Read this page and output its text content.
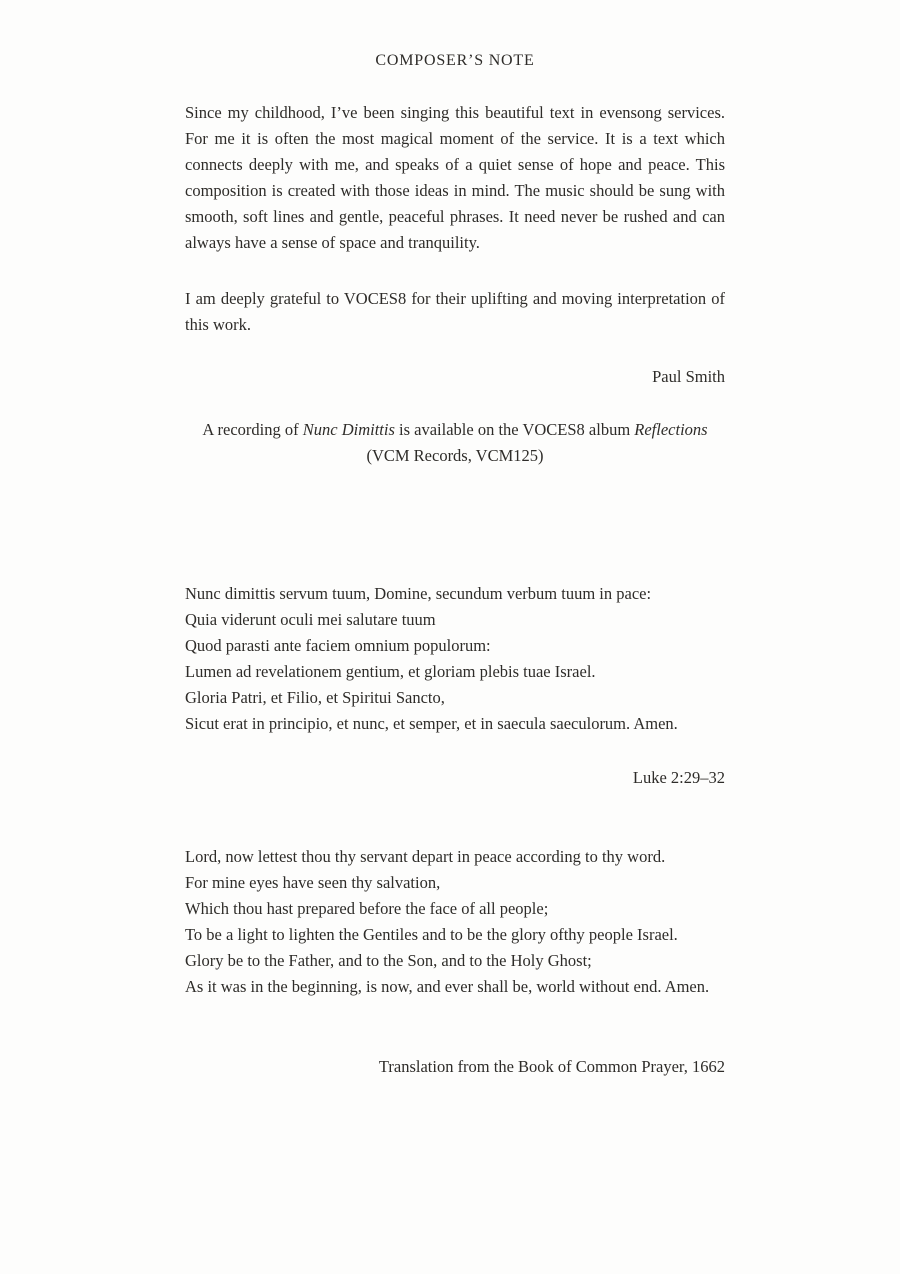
COMPOSER’S NOTE

Since my childhood, I’ve been singing this beautiful text in evensong services. For me it is often the most magical moment of the service. It is a text which connects deeply with me, and speaks of a quiet sense of hope and peace. This composition is created with those ideas in mind. The music should be sung with smooth, soft lines and gentle, peaceful phrases. It need never be rushed and can always have a sense of space and tranquility.

I am deeply grateful to VOCES8 for their uplifting and moving interpretation of this work.

Paul Smith
A recording of Nunc Dimittis is available on the VOCES8 album Reflections
(VCM Records, VCM125)
Nunc dimittis servum tuum, Domine, secundum verbum tuum in pace:
Quia viderunt oculi mei salutare tuum
Quod parasti ante faciem omnium populorum:
Lumen ad revelationem gentium, et gloriam plebis tuae Israel.
Gloria Patri, et Filio, et Spiritui Sancto,
Sicut erat in principio, et nunc, et semper, et in saecula saeculorum. Amen.
Luke 2:29–32
Lord, now lettest thou thy servant depart in peace according to thy word.
For mine eyes have seen thy salvation,
Which thou hast prepared before the face of all people;
To be a light to lighten the Gentiles and to be the glory ofthy people Israel.
Glory be to the Father, and to the Son, and to the Holy Ghost;
As it was in the beginning, is now, and ever shall be, world without end. Amen.
Translation from the Book of Common Prayer, 1662
